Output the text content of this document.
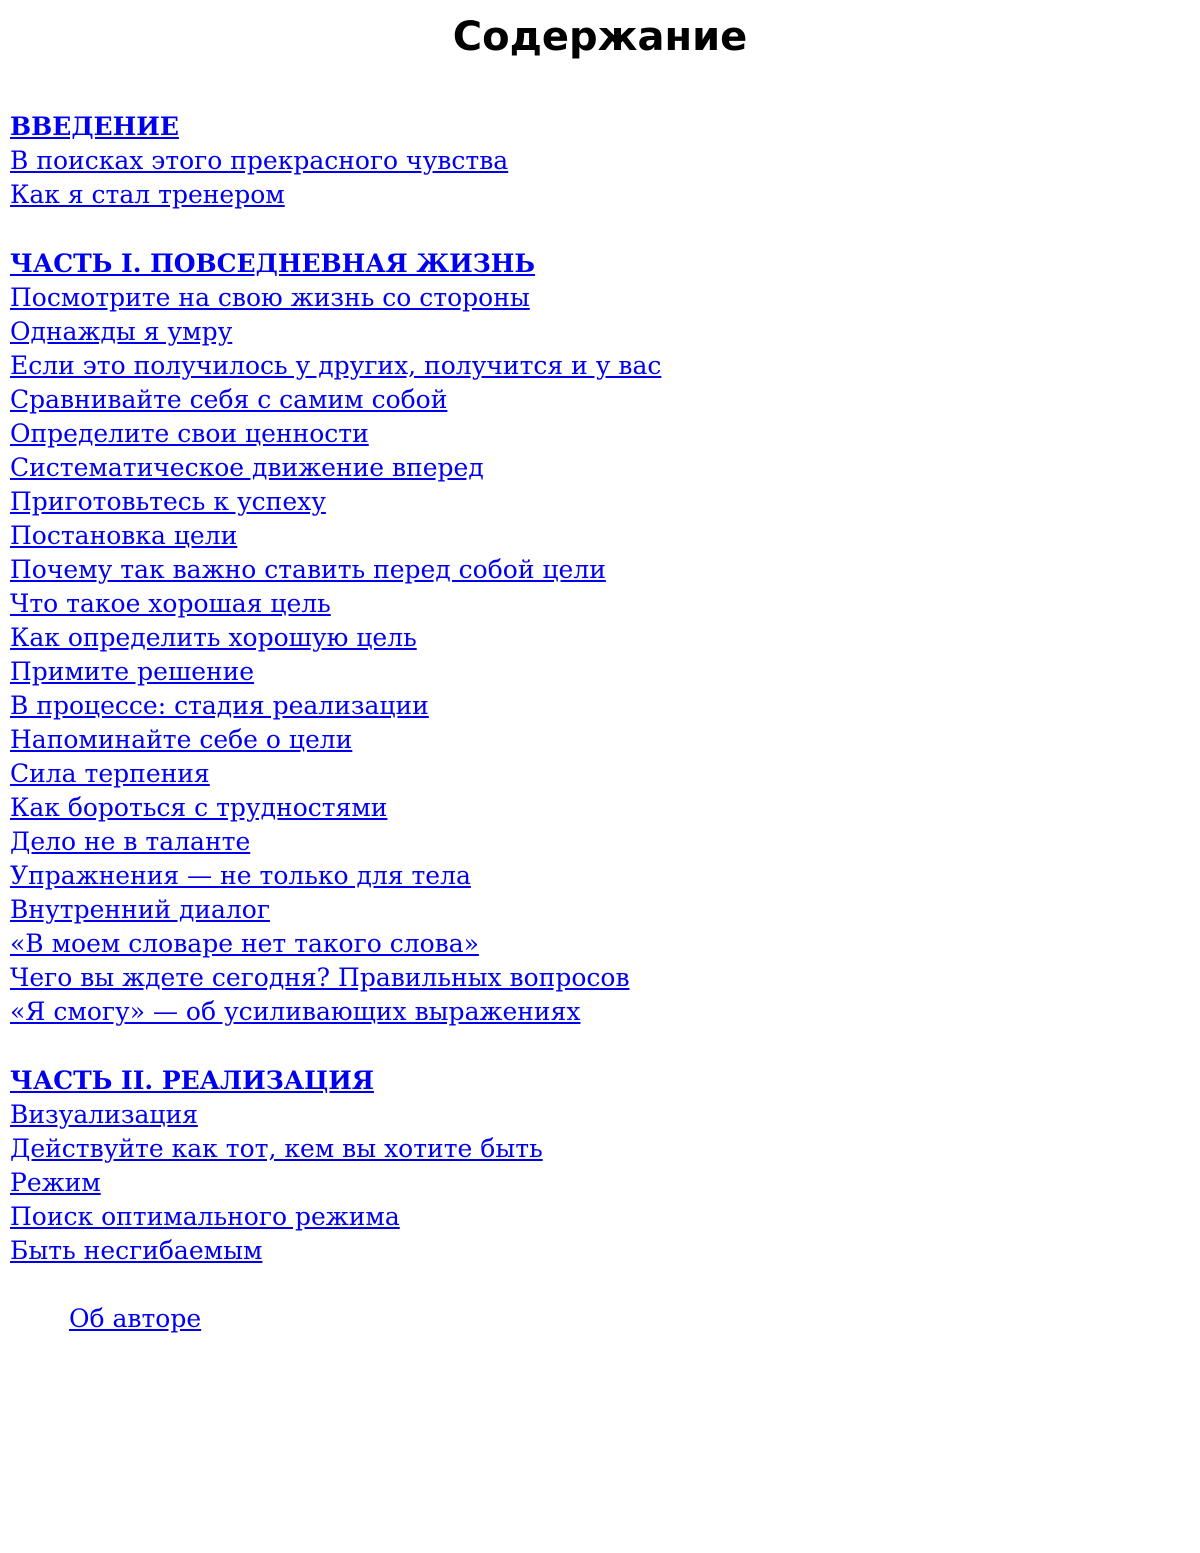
Содержание
ВВЕДЕНИЕ
В поисках этого прекрасного чувства
Как я стал тренером
ЧАСТЬ I. ПОВСЕДНЕВНАЯ ЖИЗНЬ
Посмотрите на свою жизнь со стороны
Однажды я умру
Если это получилось у других, получится и у вас
Сравнивайте себя с самим собой
Определите свои ценности
Систематическое движение вперед
Приготовьтесь к успеху
Постановка цели
Почему так важно ставить перед собой цели
Что такое хорошая цель
Как определить хорошую цель
Примите решение
В процессе: стадия реализации
Напоминайте себе о цели
Сила терпения
Как бороться с трудностями
Дело не в таланте
Упражнения — не только для тела
Внутренний диалог
«В моем словаре нет такого слова»
Чего вы ждете сегодня? Правильных вопросов
«Я смогу» — об усиливающих выражениях
ЧАСТЬ II. РЕАЛИЗАЦИЯ
Визуализация
Действуйте как тот, кем вы хотите быть
Режим
Поиск оптимального режима
Быть несгибаемым
Об авторе
